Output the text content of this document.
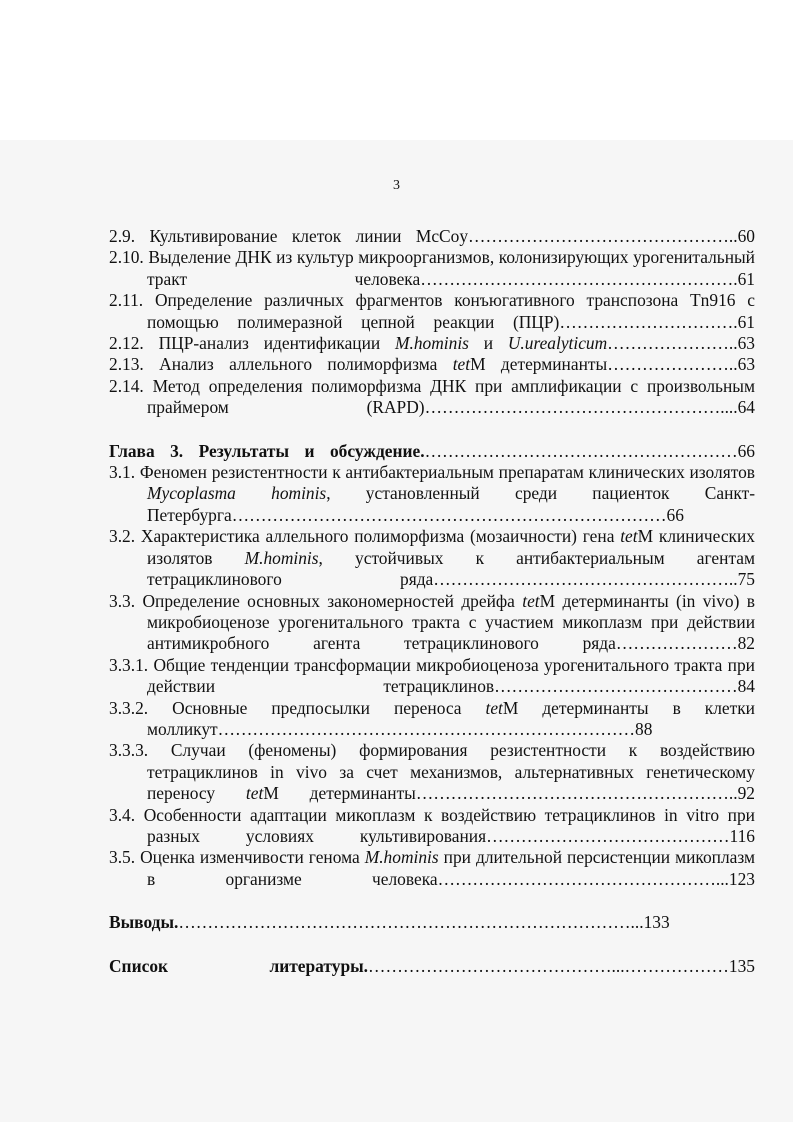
3
2.9. Культивирование клеток линии McCoy………………………………………..60
2.10. Выделение ДНК из культур микроорганизмов, колонизирующих урогенитальный тракт человека……………………………………………….61
2.11. Определение различных фрагментов конъюгативного транспозона Tn916 с помощью полимеразной цепной реакции (ПЦР)………………………….61
2.12. ПЦР-анализ идентификации M.hominis и U.urealyticum…………………..63
2.13. Анализ аллельного полиморфизма tetM детерминанты…………………..63
2.14. Метод определения полиморфизма ДНК при амплификации с произвольным праймером (RAPD)……………………………………………....64
Глава 3. Результаты и обсуждение.………………………………………………66
3.1. Феномен резистентности к антибактериальным препаратам клинических изолятов Mycoplasma hominis, установленный среди пациенток Санкт-Петербурга…………………………………………………………………66
3.2. Характеристика аллельного полиморфизма (мозаичности) гена tetM клинических изолятов M.hominis, устойчивых к антибактериальным агентам тетрациклинового ряда……………………………………………..75
3.3. Определение основных закономерностей дрейфа tetM детерминанты (in vivo) в микробиоценозе урогенитального тракта с участием микоплазм при действии антимикробного агента тетрациклинового ряда…………………82
3.3.1. Общие тенденции трансформации микробиоценоза урогенитального тракта при действии тетрациклинов……………………………………84
3.3.2. Основные предпосылки переноса tetM детерминанты в клетки молликут………………………………………………………………88
3.3.3. Случаи (феномены) формирования резистентности к воздействию тетрациклинов in vivo за счет механизмов, альтернативных генетическому переносу tetM детерминанты………………………………………………..92
3.4. Особенности адаптации микоплазм к воздействию тетрациклинов in vitro при разных условиях культивирования……………………………………116
3.5. Оценка изменчивости генома M.hominis при длительной персистенции микоплазм в организме человека…………………………………………...123
Выводы.……………………………………………………………………...133
Список литературы.……………………………………...………………135
